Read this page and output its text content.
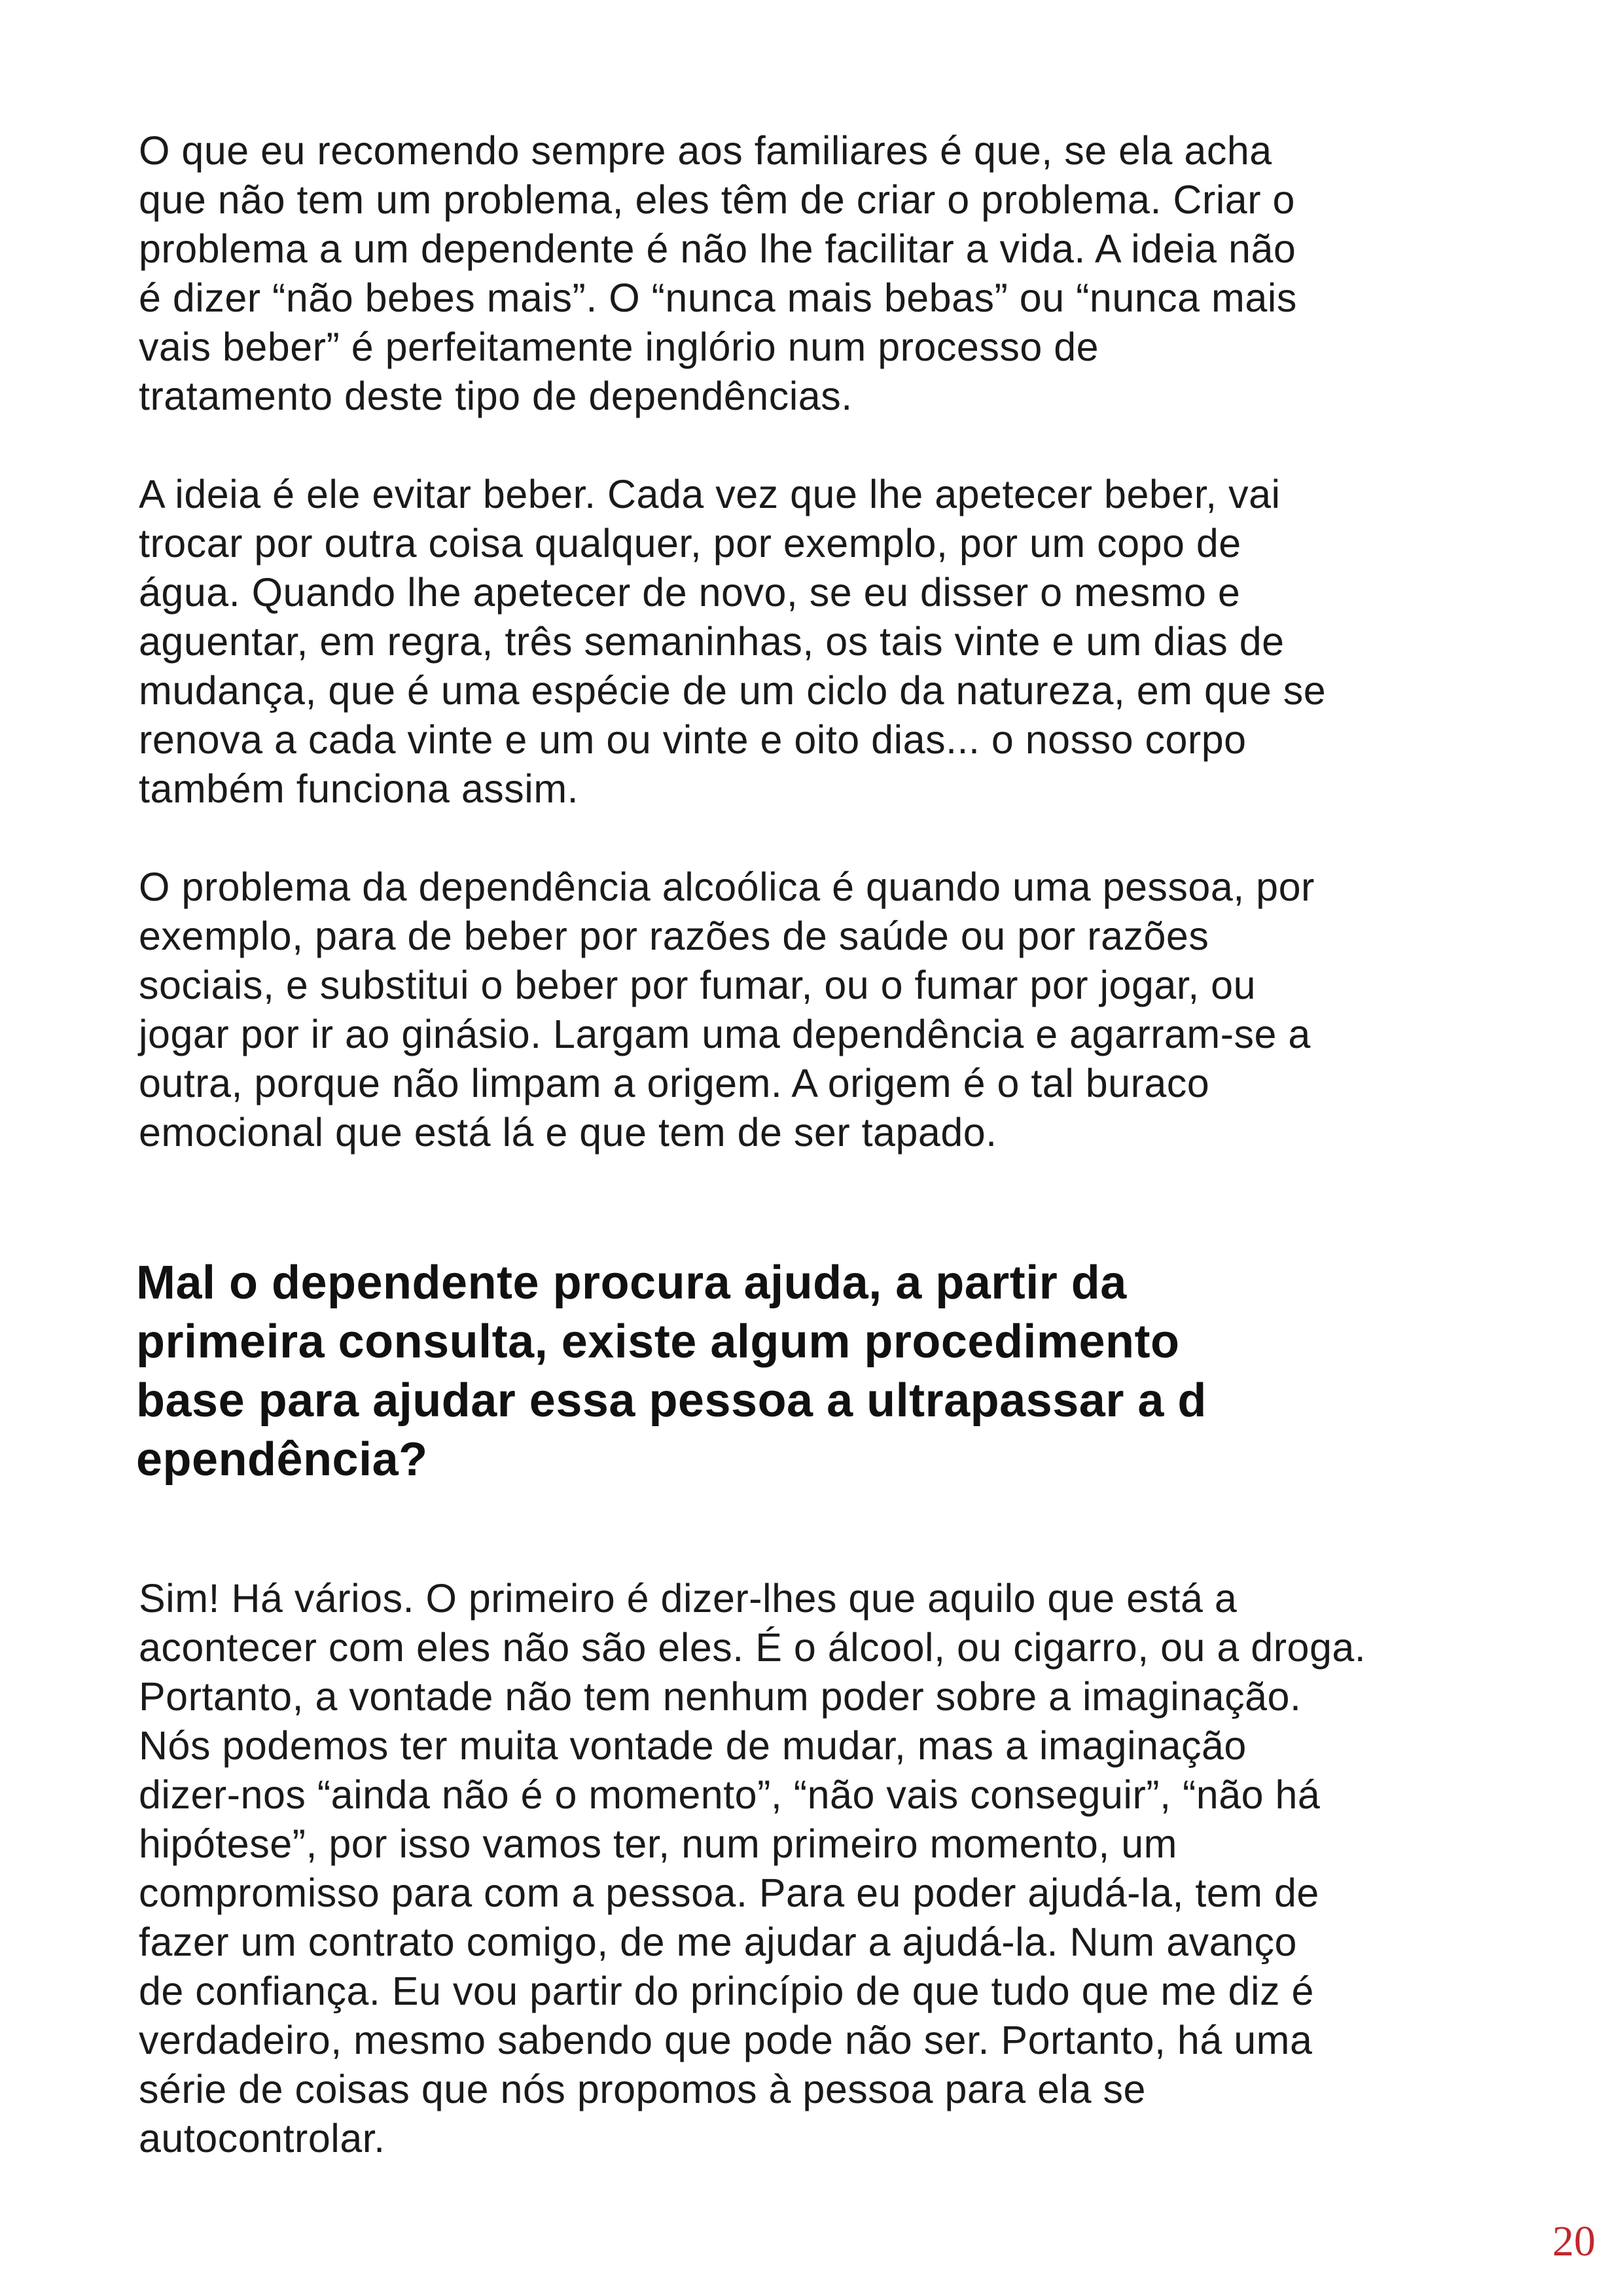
O que eu recomendo sempre aos familiares é que, se ela acha
que não tem um problema, eles têm de criar o problema. Criar o
problema a um dependente é não lhe facilitar a vida. A ideia não
é dizer “não bebes mais”. O “nunca mais bebas” ou “nunca mais
vais beber” é perfeitamente inglório num processo de
tratamento deste tipo de dependências.

A ideia é ele evitar beber. Cada vez que lhe apetecer beber, vai
trocar por outra coisa qualquer, por exemplo, por um copo de
água. Quando lhe apetecer de novo, se eu disser o mesmo e
aguentar, em regra, três semaninhas, os tais vinte e um dias de
mudança, que é uma espécie de um ciclo da natureza, em que se
renova a cada vinte e um ou vinte e oito dias... o nosso corpo
também funciona assim.

O problema da dependência alcoólica é quando uma pessoa, por
exemplo, para de beber por razões de saúde ou por razões
sociais, e substitui o beber por fumar, ou o fumar por jogar, ou
jogar por ir ao ginásio. Largam uma dependência e agarram-se a
outra, porque não limpam a origem. A origem é o tal buraco
emocional que está lá e que tem de ser tapado.

Mal o dependente procura ajuda, a partir da
primeira consulta, existe algum procedimento
base para ajudar essa pessoa a ultrapassar a d
ependência?

Sim! Há vários. O primeiro é dizer-lhes que aquilo que está a
acontecer com eles não são eles. É o álcool, ou cigarro, ou a droga.
Portanto, a vontade não tem nenhum poder sobre a imaginação.
Nós podemos ter muita vontade de mudar, mas a imaginação
dizer-nos “ainda não é o momento”, “não vais conseguir”, “não há
hipótese”, por isso vamos ter, num primeiro momento, um
compromisso para com a pessoa. Para eu poder ajudá-la, tem de
fazer um contrato comigo, de me ajudar a ajudá-la. Num avanço
de confiança. Eu vou partir do princípio de que tudo que me diz é
verdadeiro, mesmo sabendo que pode não ser. Portanto, há uma
série de coisas que nós propomos à pessoa para ela se
autocontrolar.

20
